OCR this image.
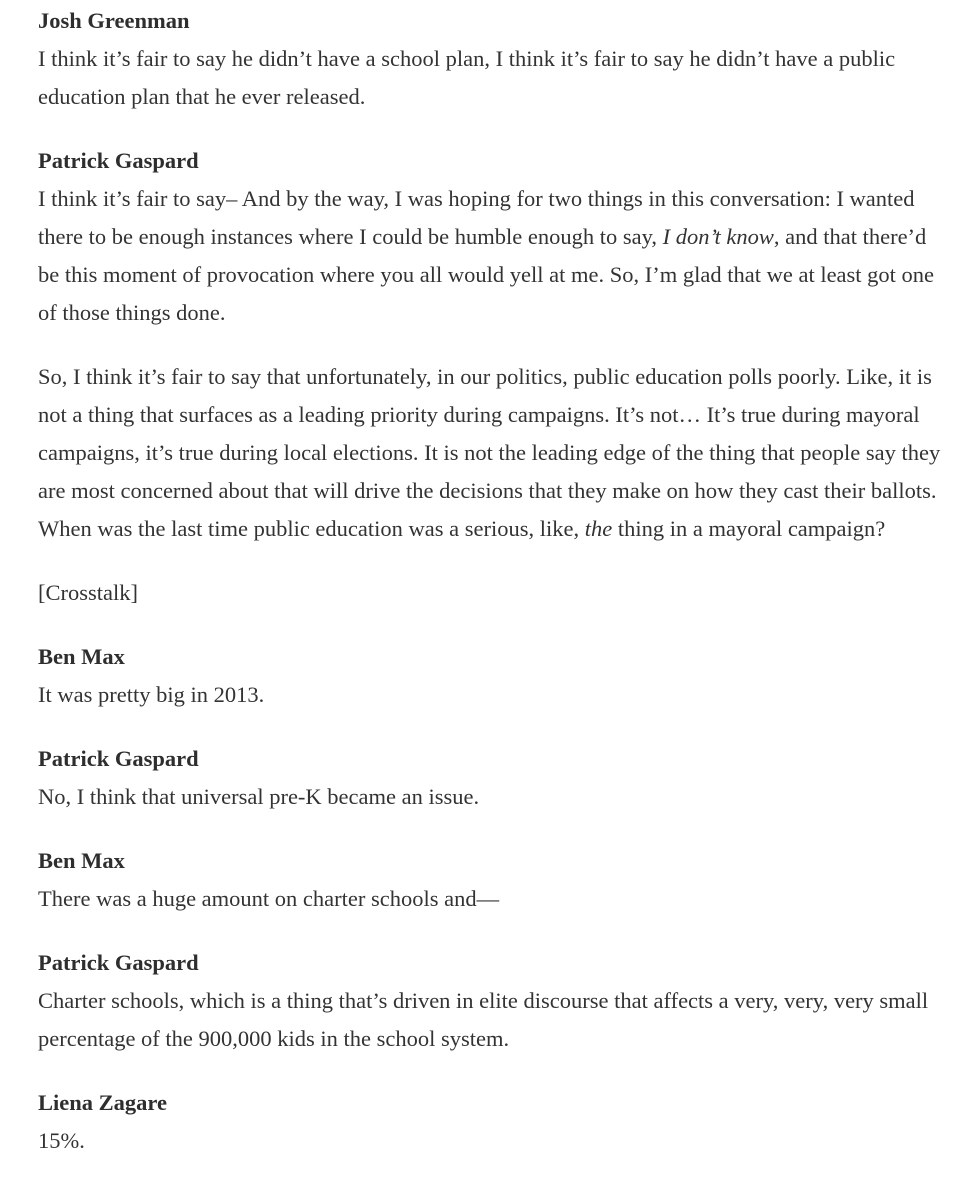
Josh Greenman

I think it’s fair to say he didn’t have a school plan, I think it’s fair to say he didn’t have a public education plan that he ever released.

Patrick Gaspard

I think it’s fair to say– And by the way, I was hoping for two things in this conversation: I wanted there to be enough instances where I could be humble enough to say, I don’t know, and that there’d be this moment of provocation where you all would yell at me. So, I’m glad that we at least got one of those things done.

So, I think it’s fair to say that unfortunately, in our politics, public education polls poorly. Like, it is not a thing that surfaces as a leading priority during campaigns. It’s not… It’s true during mayoral campaigns, it’s true during local elections. It is not the leading edge of the thing that people say they are most concerned about that will drive the decisions that they make on how they cast their ballots. When was the last time public education was a serious, like, the thing in a mayoral campaign?

[Crosstalk]

Ben Max

It was pretty big in 2013.

Patrick Gaspard

No, I think that universal pre-K became an issue.

Ben Max

There was a huge amount on charter schools and—

Patrick Gaspard

Charter schools, which is a thing that’s driven in elite discourse that affects a very, very, very small percentage of the 900,000 kids in the school system.

Liena Zagare

15%.
